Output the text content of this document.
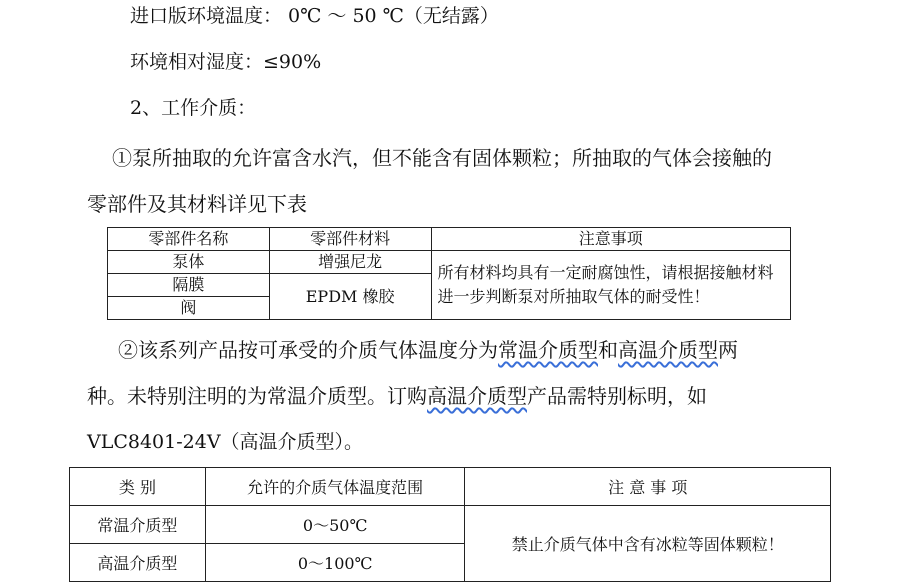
进口版环境温度： 0℃ ～ 50 ℃（无结露）
环境相对湿度：≤90%
2、工作介质：
①泵所抽取的允许富含水汽，但不能含有固体颗粒；所抽取的气体会接触的
零部件及其材料详见下表
零部件名称	零部件材料	注意事项
泵体	增强尼龙	所有材料均具有一定耐腐蚀性，请根据接触材料进一步判断泵对所抽取气体的耐受性！
隔膜	EPDM 橡胶	
阀		
②该系列产品按可承受的介质气体温度分为常温介质型和高温介质型两
种。未特别注明的为常温介质型。订购高温介质型产品需特别标明，如
VLC8401-24V（高温介质型）。
类 别	允许的介质气体温度范围	注 意 事 项
常温介质型	0～50℃	禁止介质气体中含有冰粒等固体颗粒！
高温介质型	0～100℃	
